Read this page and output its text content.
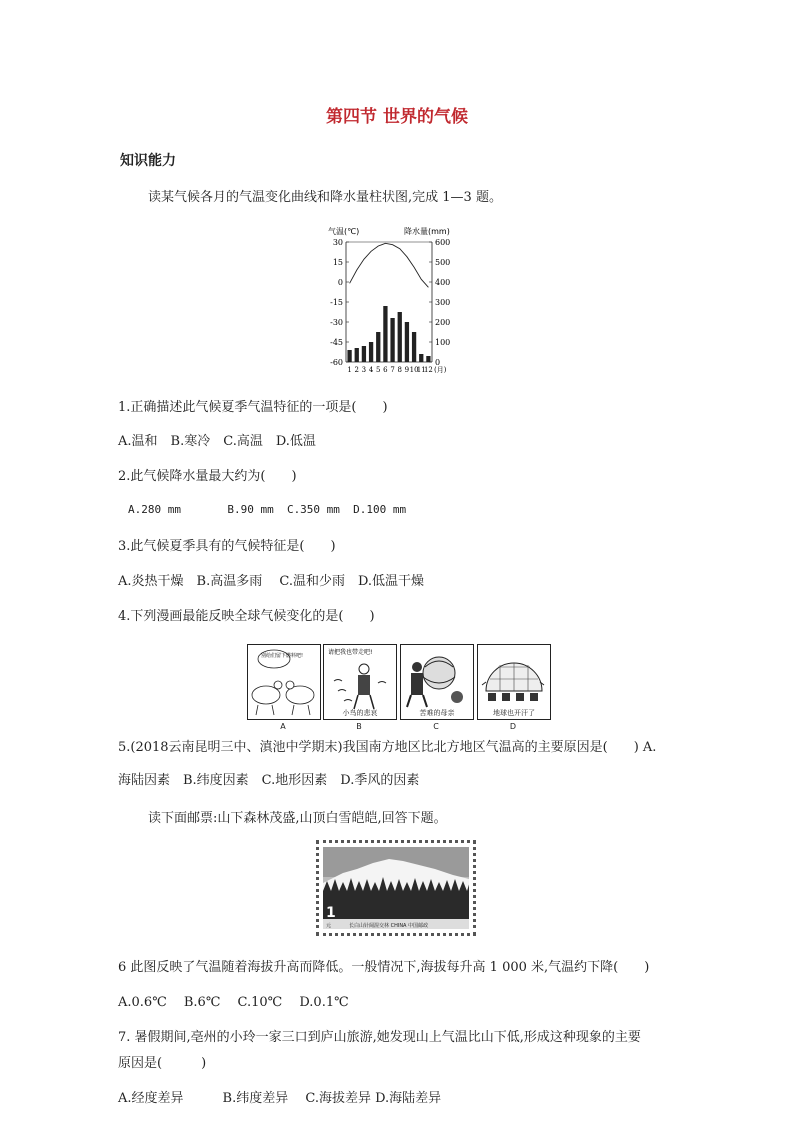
第四节 世界的气候
知识能力
读某气候各月的气温变化曲线和降水量柱状图,完成 1—3 题。
气温(℃)	降水量(mm)
30
15
0
-15
-30
-45
-60
600
500
400
300
200
100
0
1 2 3 4 5 6 7 8 9 10
11
12 (月)
1.正确描述此气候夏季气温特征的一项是(　　)
A.温和　B.寒冷　C.高温　D.低温
2.此气候降水量最大约为(　　)
A.280 mm       B.90 mm  C.350 mm  D.100 mm
3.此气候夏季具有的气候特征是(　　)
A.炎热干燥　B.高温多雨　 C.温和少雨　D.低温干燥
4.下列漫画最能反映全球气候变化的是(　　)
别给们留下燃料吧!	请把我也带走吧!
小鸟的悲哀	苦难的母亲	地球也开汗了
A	B	C	D
5.(2018云南昆明三中、滇池中学期末)我国南方地区比北方地区气温高的主要原因是(　　) A.
海陆因素　B.纬度因素　C.地形因素　D.季风的因素
读下面邮票:山下森林茂盛,山顶白雪皑皑,回答下题。
1
元	长白山针阔混交林 CHINA 中国邮政
6 此图反映了气温随着海拔升高而降低。一般情况下,海拔每升高 1 000 米,气温约下降(　　)
A.0.6℃　 B.6℃　 C.10℃　 D.0.1℃
7. 暑假期间,亳州的小玲一家三口到庐山旅游,她发现山上气温比山下低,形成这种现象的主要
原因是(　　　)
A.经度差异　　　B.纬度差异　 C.海拔差异 D.海陆差异
